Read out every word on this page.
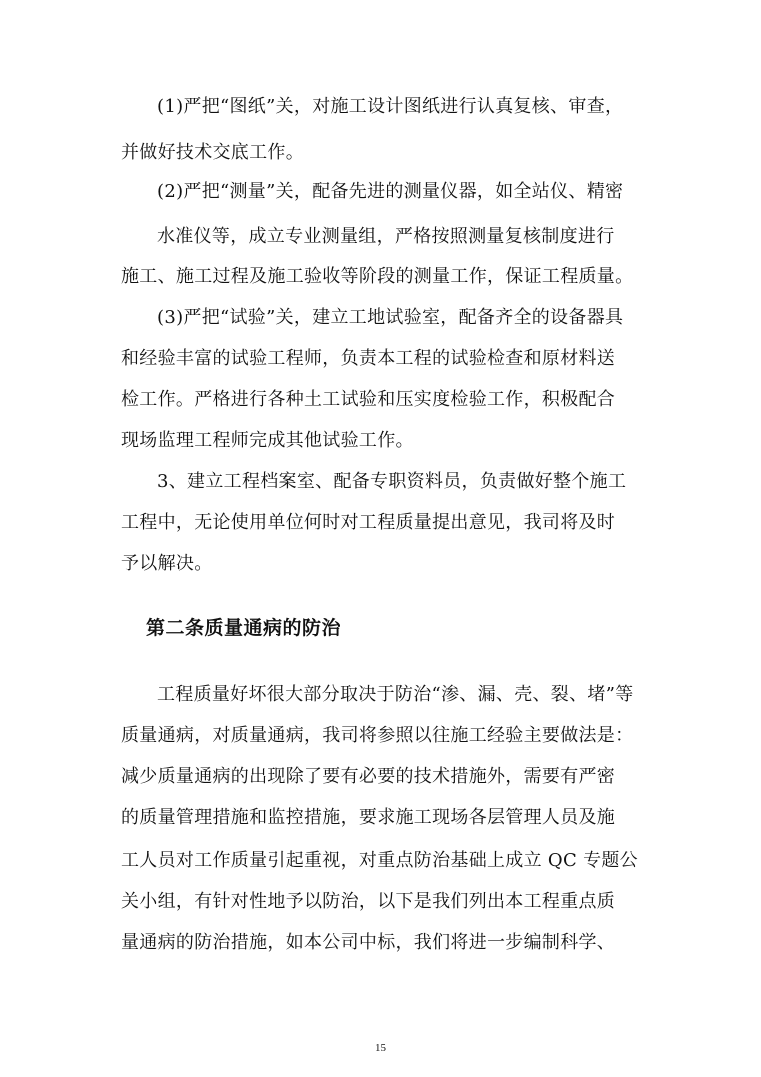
(1)严把“图纸”关，对施工设计图纸进行认真复核、审查，
并做好技术交底工作。
(2)严把“测量”关，配备先进的测量仪器，如全站仪、精密
水准仪等，成立专业测量组，严格按照测量复核制度进行
施工、施工过程及施工验收等阶段的测量工作，保证工程质量。
(3)严把“试验”关，建立工地试验室，配备齐全的设备器具
和经验丰富的试验工程师，负责本工程的试验检查和原材料送
检工作。严格进行各种土工试验和压实度检验工作，积极配合
现场监理工程师完成其他试验工作。
3、建立工程档案室、配备专职资料员，负责做好整个施工
工程中，无论使用单位何时对工程质量提出意见，我司将及时
予以解决。
第二条质量通病的防治
工程质量好坏很大部分取决于防治“渗、漏、壳、裂、堵”等
质量通病，对质量通病，我司将参照以往施工经验主要做法是：
减少质量通病的出现除了要有必要的技术措施外，需要有严密
的质量管理措施和监控措施，要求施工现场各层管理人员及施
工人员对工作质量引起重视，对重点防治基础上成立 QC 专题公
关小组，有针对性地予以防治，以下是我们列出本工程重点质
量通病的防治措施，如本公司中标，我们将进一步编制科学、
15
